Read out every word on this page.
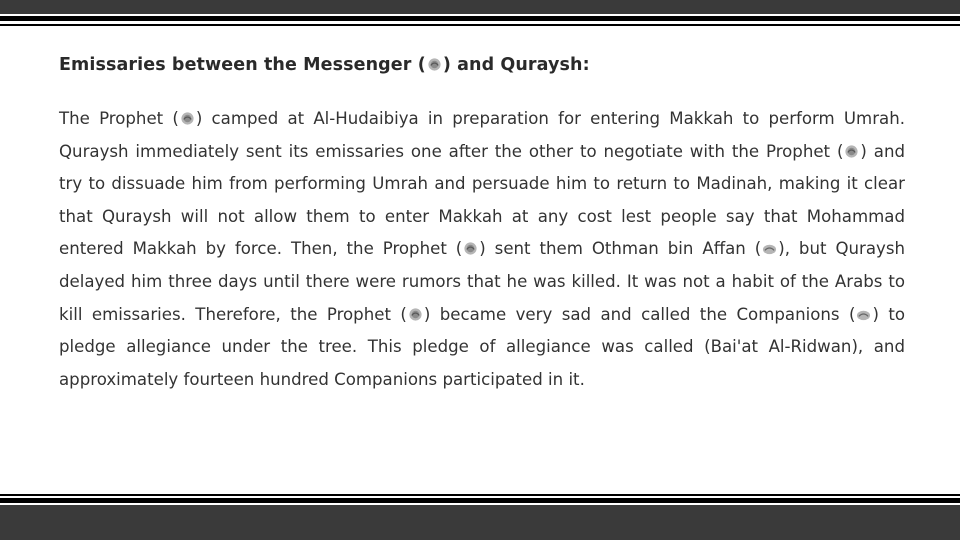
Emissaries between the Messenger ( ) and Quraysh:

The Prophet ( ) camped at Al-Hudaibiya in preparation for entering Makkah to perform Umrah. Quraysh immediately sent its emissaries one after the other to negotiate with the Prophet ( ) and try to dissuade him from performing Umrah and persuade him to return to Madinah, making it clear that Quraysh will not allow them to enter Makkah at any cost lest people say that Mohammad entered Makkah by force. Then, the Prophet ( ) sent them Othman bin Affan ( ), but Quraysh delayed him three days until there were rumors that he was killed. It was not a habit of the Arabs to kill emissaries. Therefore, the Prophet ( ) became very sad and called the Companions ( ) to pledge allegiance under the tree. This pledge of allegiance was called (Bai'at Al-Ridwan), and approximately fourteen hundred Companions participated in it.
